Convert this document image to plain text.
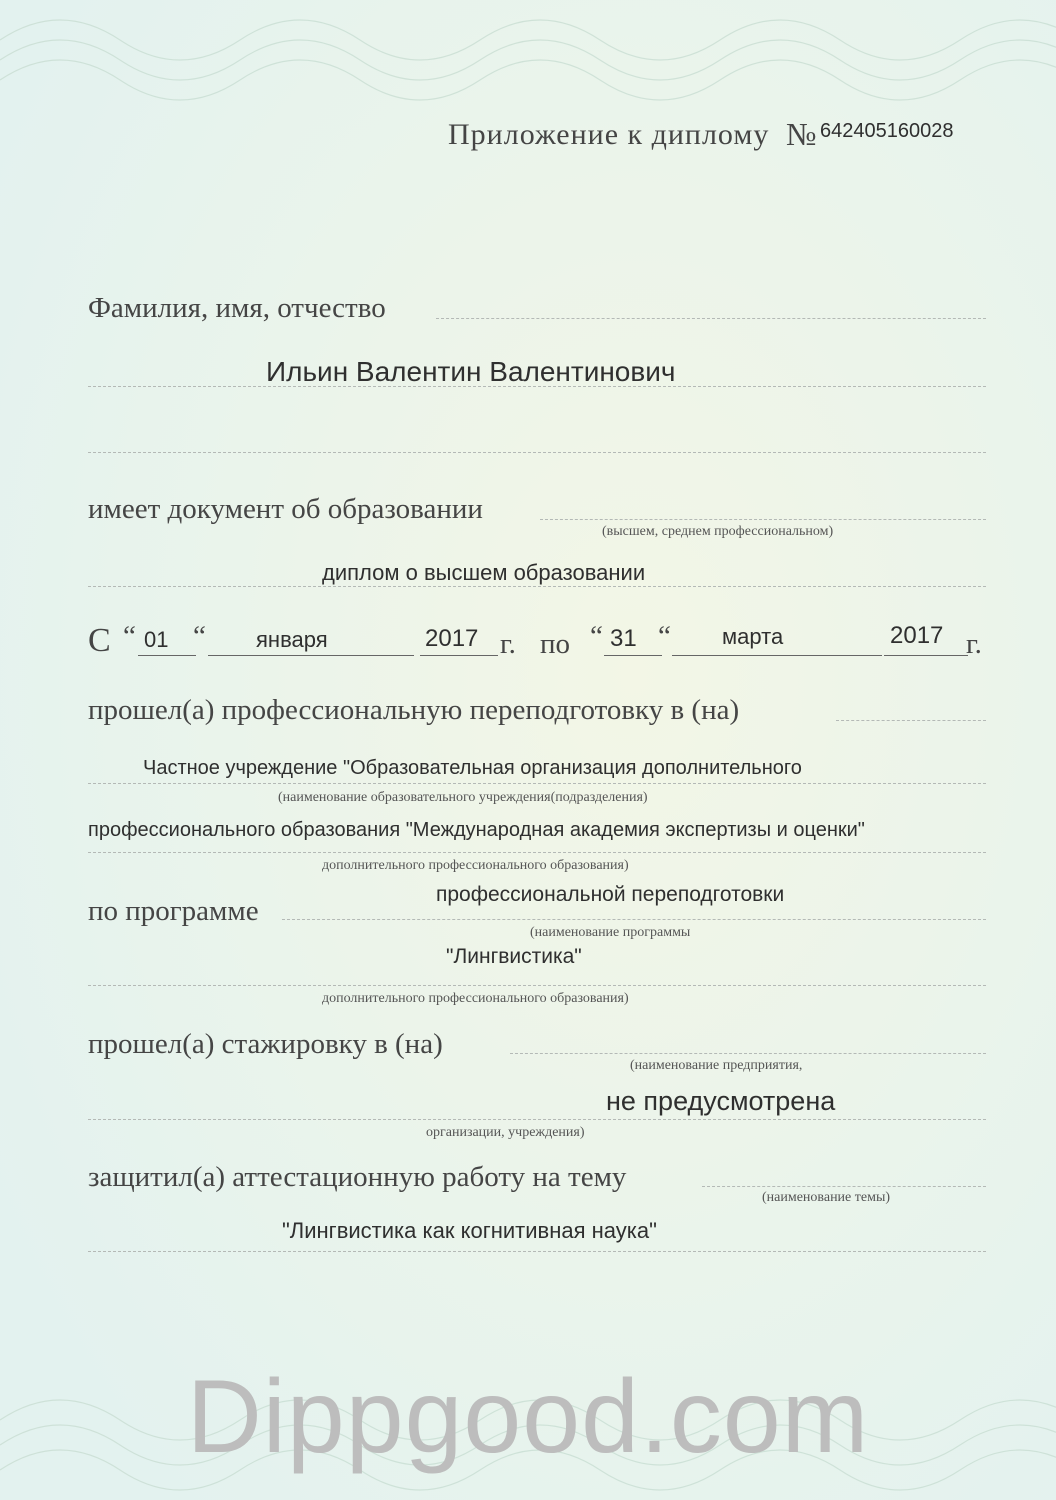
Приложение к диплому № 642405160028
Фамилия, имя, отчество
Ильин Валентин Валентинович
имеет документ об образовании
(высшем, среднем профессиональном)
диплом о высшем образовании
С “ 01 “ января	2017 г. по “ 31 “ марта	2017 г.
прошел(а) профессиональную переподготовку в (на)
Частное учреждение "Образовательная организация дополнительного
(наименование образовательного учреждения(подразделения)
профессионального образования "Международная академия экспертизы и оценки"
дополнительного профессионального образования)
по программе
профессиональной переподготовки
(наименование программы
"Лингвистика"
дополнительного профессионального образования)
прошел(а) стажировку в (на)
(наименование предприятия,
не предусмотрена
организации, учреждения)
защитил(а) аттестационную работу на тему
(наименование темы)
"Лингвистика как когнитивная наука"
Dippgood.com
